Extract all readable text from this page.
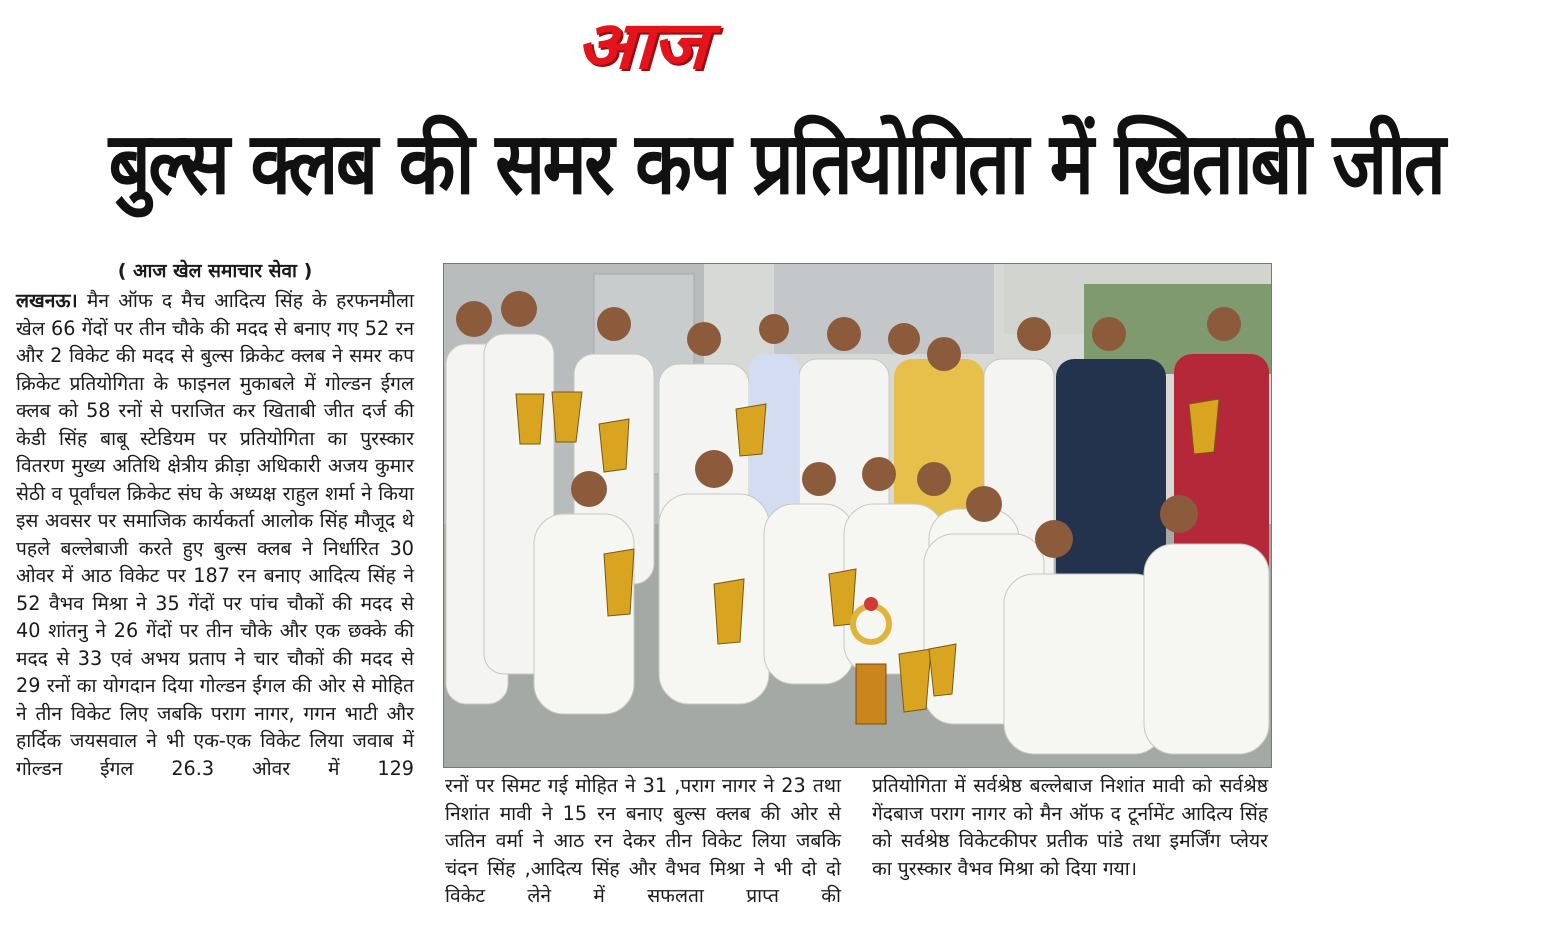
आज
बुल्स क्लब की समर कप प्रतियोगिता में खिताबी जीत
( आज खेल समाचार सेवा )

लखनऊ। मैन ऑफ द मैच आदित्य सिंह के हरफनमौला खेल 66 गेंदों पर तीन चौके की मदद से बनाए गए 52 रन और 2 विकेट की मदद से बुल्स क्रिकेट क्लब ने समर कप क्रिकेट प्रतियोगिता के फाइनल मुकाबले में गोल्डन ईगल क्लब को 58 रनों से पराजित कर खिताबी जीत दर्ज की केडी सिंह बाबू स्टेडियम पर प्रतियोगिता का पुरस्कार वितरण मुख्य अतिथि क्षेत्रीय क्रीड़ा अधिकारी अजय कुमार सेठी व पूर्वांचल क्रिकेट संघ के अध्यक्ष राहुल शर्मा ने किया इस अवसर पर समाजिक कार्यकर्ता आलोक सिंह मौजूद थे पहले बल्लेबाजी करते हुए बुल्स क्लब ने निर्धारित 30 ओवर में आठ विकेट पर 187 रन बनाए आदित्य सिंह ने 52 वैभव मिश्रा ने 35 गेंदों पर पांच चौकों की मदद से 40 शांतनु ने 26 गेंदों पर तीन चौके और एक छक्के की मदद से 33 एवं अभय प्रताप ने चार चौकों की मदद से 29 रनों का योगदान दिया गोल्डन ईगल की ओर से मोहित ने तीन विकेट लिए जबकि पराग नागर, गगन भाटी और हार्दिक जयसवाल ने भी एक-एक विकेट लिया जवाब में गोल्डन ईगल 26.3 ओवर में 129

रनों पर सिमट गई मोहित ने 31 ,पराग नागर ने 23 तथा निशांत मावी ने 15 रन बनाए बुल्स क्लब की ओर से जतिन वर्मा ने आठ रन देकर तीन विकेट लिया जबकि चंदन सिंह ,आदित्य सिंह और वैभव मिश्रा ने भी दो दो विकेट लेने में सफलता प्राप्त की

प्रतियोगिता में सर्वश्रेष्ठ बल्लेबाज निशांत मावी को सर्वश्रेष्ठ गेंदबाज पराग नागर को मैन ऑफ द टूर्नामेंट आदित्य सिंह को सर्वश्रेष्ठ विकेटकीपर प्रतीक पांडे तथा इमर्जिंग प्लेयर का पुरस्कार वैभव मिश्रा को दिया गया।
